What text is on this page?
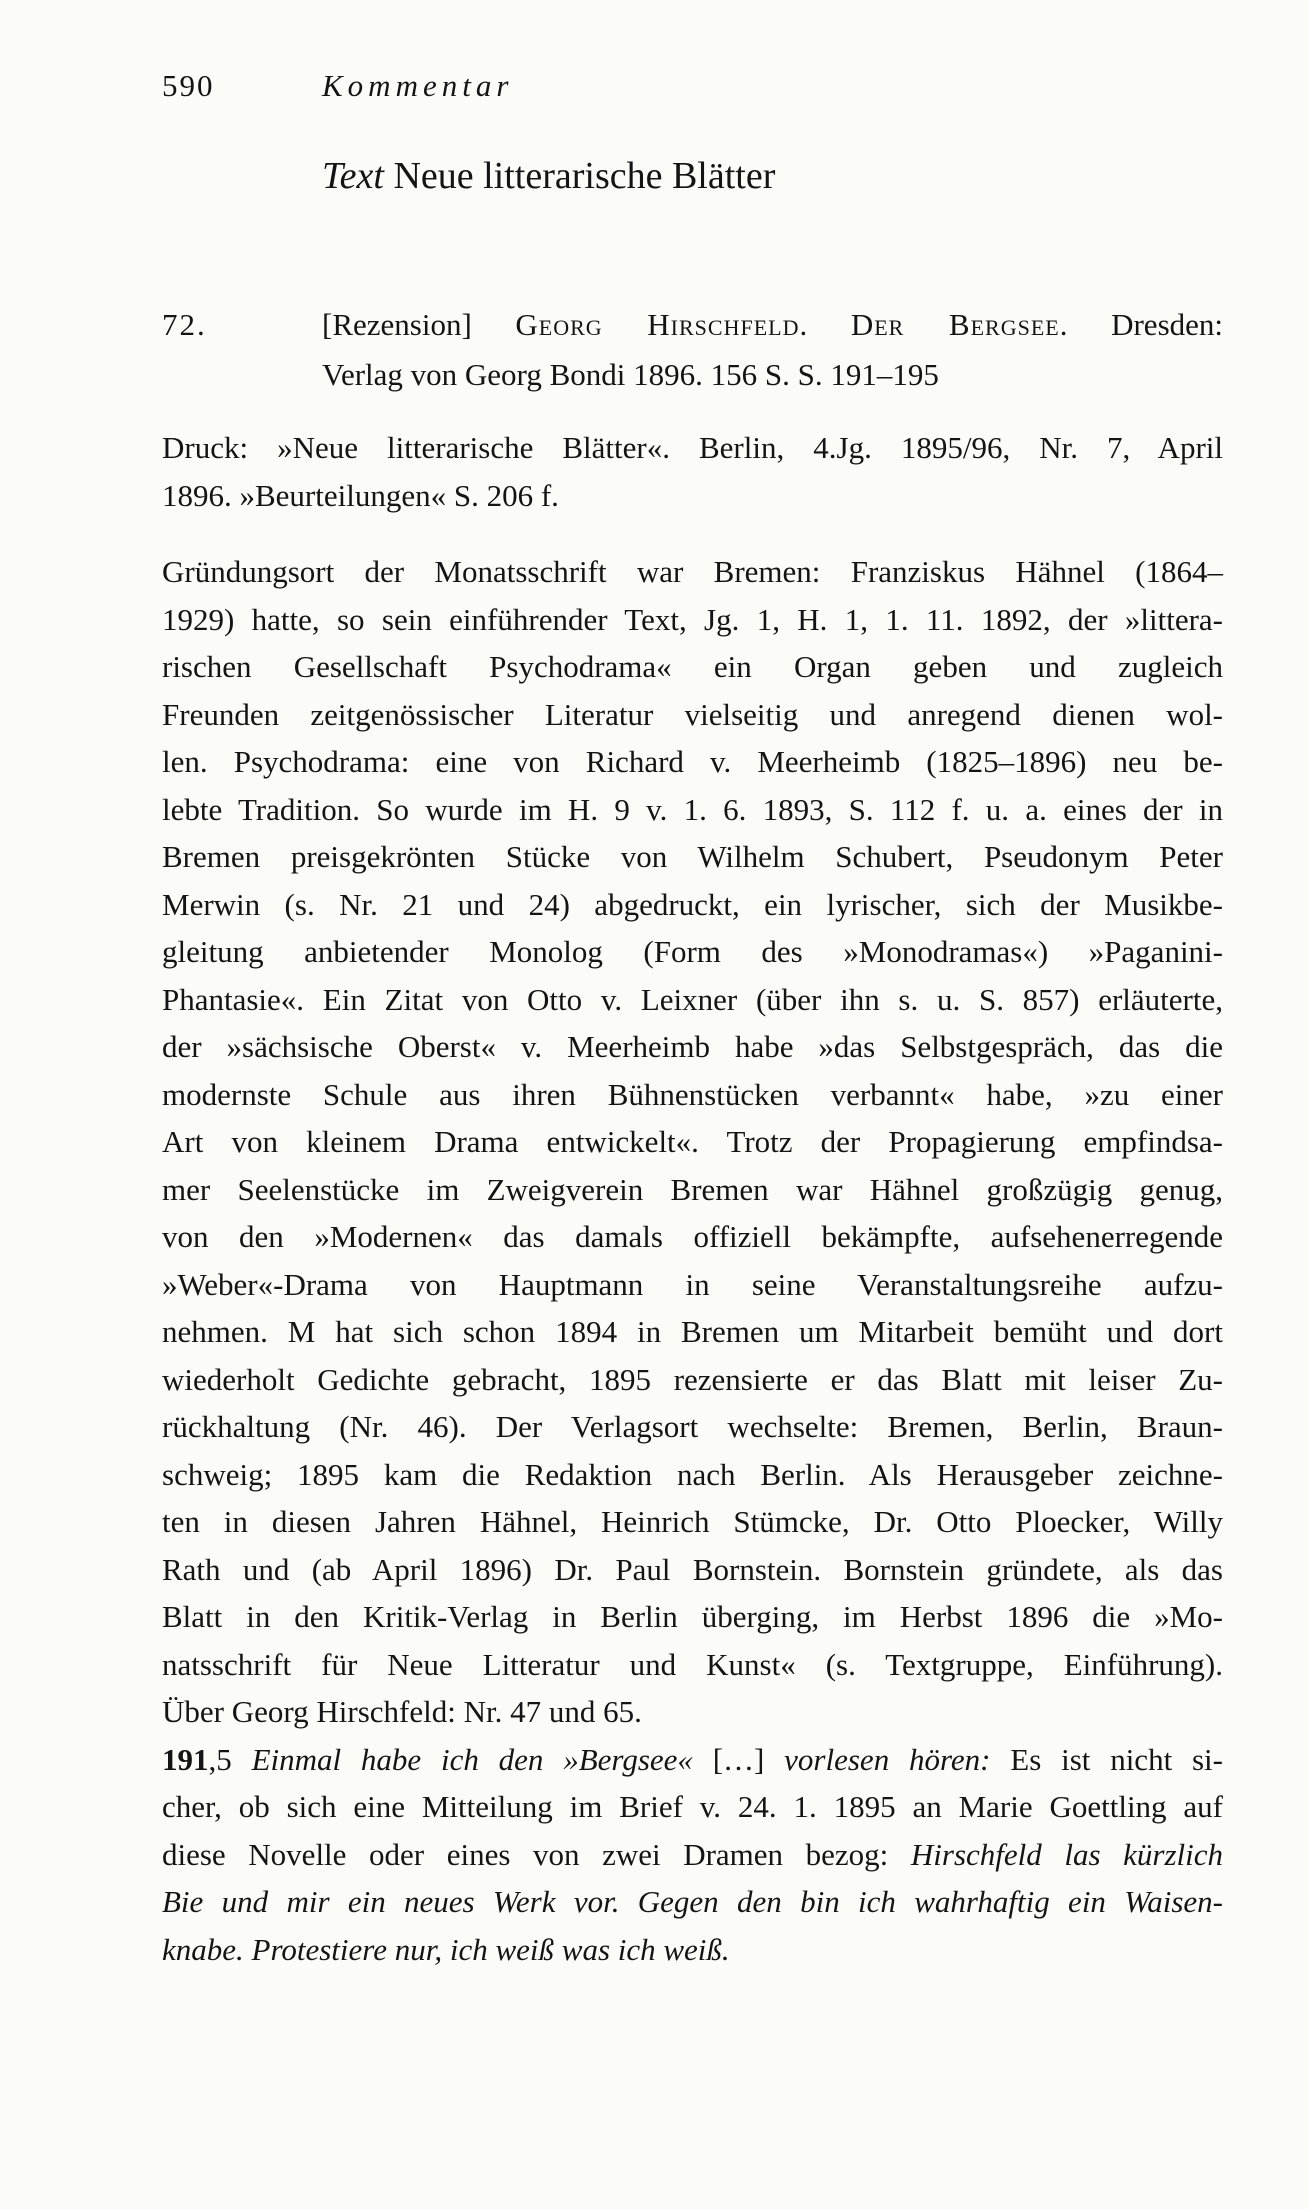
590	Kommentar
Text Neue litterarische Blätter
72.	[Rezension] Georg Hirschfeld. Der Bergsee. Dresden:
Verlag von Georg Bondi 1896. 156 S. S. 191–195
Druck: »Neue litterarische Blätter«. Berlin, 4.Jg. 1895/96, Nr. 7, April
1896. »Beurteilungen« S. 206 f.
Gründungsort der Monatsschrift war Bremen: Franziskus Hähnel (1864–
1929) hatte, so sein einführender Text, Jg. 1, H. 1, 1. 11. 1892, der »littera-
rischen Gesellschaft Psychodrama« ein Organ geben und zugleich
Freunden zeitgenössischer Literatur vielseitig und anregend dienen wol-
len. Psychodrama: eine von Richard v. Meerheimb (1825–1896) neu be-
lebte Tradition. So wurde im H. 9 v. 1. 6. 1893, S. 112 f. u. a. eines der in
Bremen preisgekrönten Stücke von Wilhelm Schubert, Pseudonym Peter
Merwin (s. Nr. 21 und 24) abgedruckt, ein lyrischer, sich der Musikbe-
gleitung anbietender Monolog (Form des »Monodramas«) »Paganini-
Phantasie«. Ein Zitat von Otto v. Leixner (über ihn s. u. S. 857) erläuterte,
der »sächsische Oberst« v. Meerheimb habe »das Selbstgespräch, das die
modernste Schule aus ihren Bühnenstücken verbannt« habe, »zu einer
Art von kleinem Drama entwickelt«. Trotz der Propagierung empfindsa-
mer Seelenstücke im Zweigverein Bremen war Hähnel großzügig genug,
von den »Modernen« das damals offiziell bekämpfte, aufsehenerregende
»Weber«-Drama von Hauptmann in seine Veranstaltungsreihe aufzu-
nehmen. M hat sich schon 1894 in Bremen um Mitarbeit bemüht und dort
wiederholt Gedichte gebracht, 1895 rezensierte er das Blatt mit leiser Zu-
rückhaltung (Nr. 46). Der Verlagsort wechselte: Bremen, Berlin, Braun-
schweig; 1895 kam die Redaktion nach Berlin. Als Herausgeber zeichne-
ten in diesen Jahren Hähnel, Heinrich Stümcke, Dr. Otto Ploecker, Willy
Rath und (ab April 1896) Dr. Paul Bornstein. Bornstein gründete, als das
Blatt in den Kritik-Verlag in Berlin überging, im Herbst 1896 die »Mo-
natsschrift für Neue Litteratur und Kunst« (s. Textgruppe, Einführung).
Über Georg Hirschfeld: Nr. 47 und 65.
191,5 Einmal habe ich den »Bergsee« […] vorlesen hören: Es ist nicht si-
cher, ob sich eine Mitteilung im Brief v. 24. 1. 1895 an Marie Goettling auf
diese Novelle oder eines von zwei Dramen bezog: Hirschfeld las kürzlich
Bie und mir ein neues Werk vor. Gegen den bin ich wahrhaftig ein Waisen-
knabe. Protestiere nur, ich weiß was ich weiß.
